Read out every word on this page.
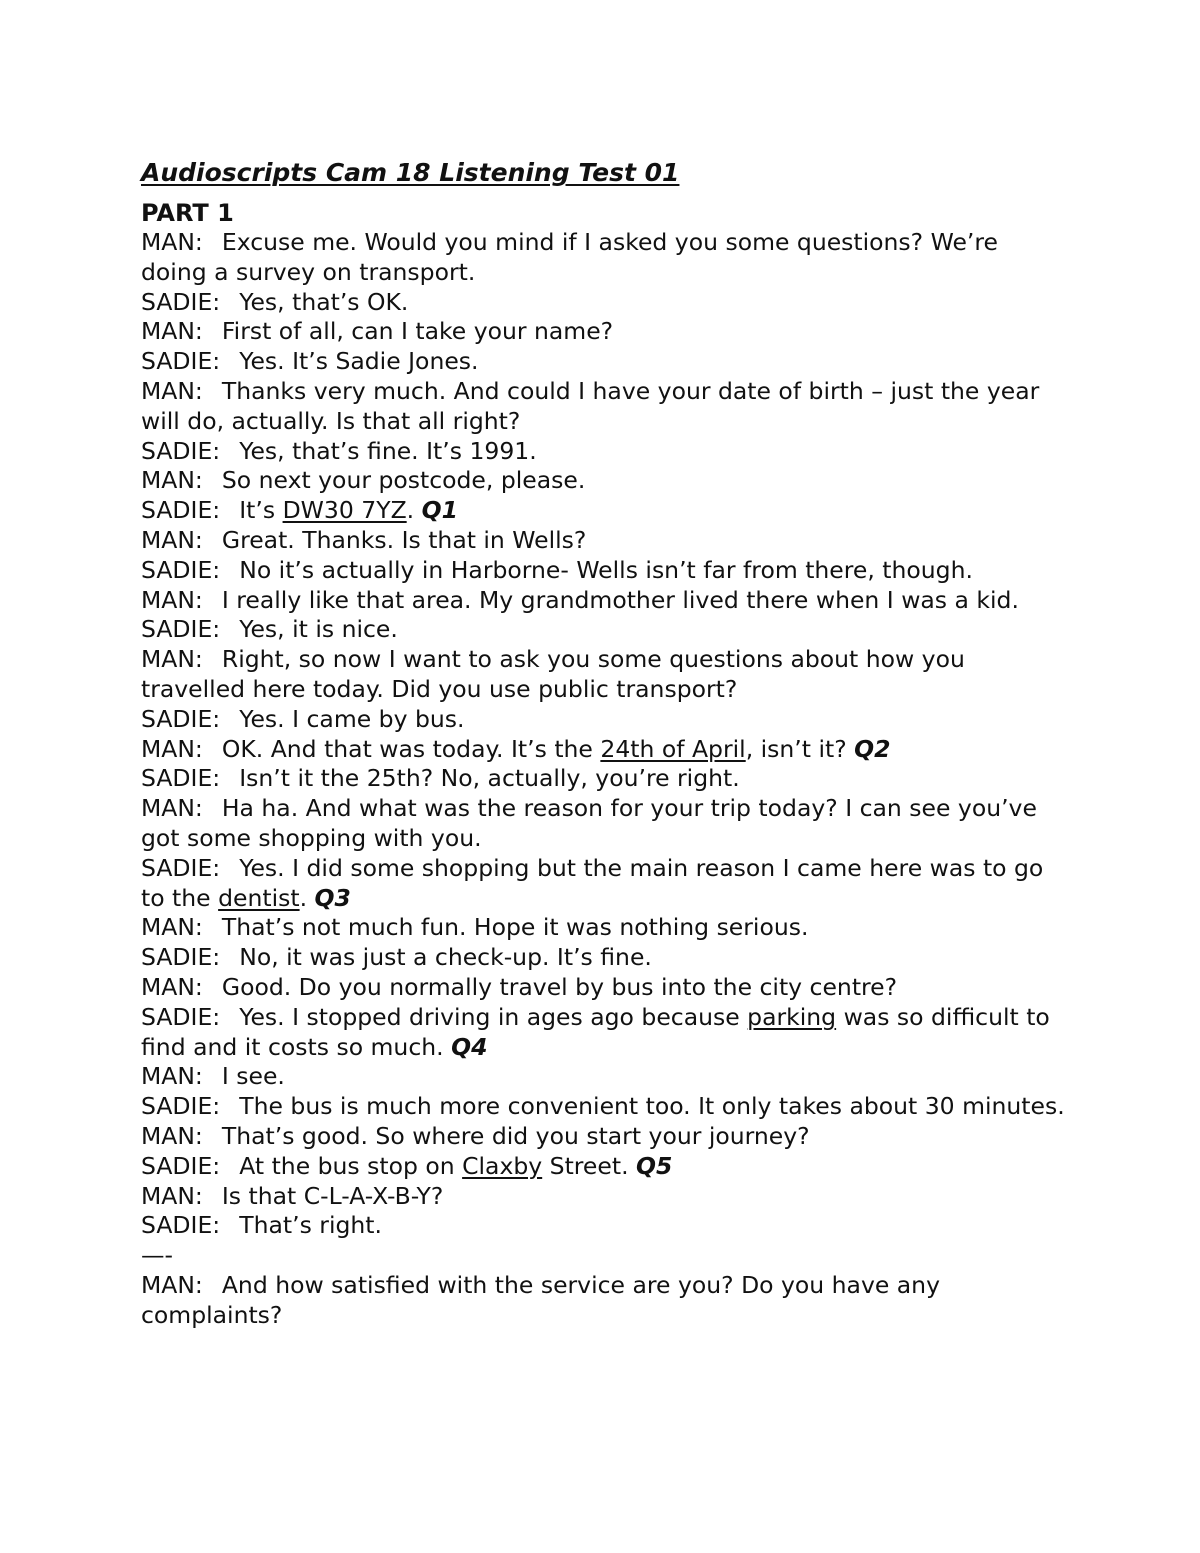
Audioscripts Cam 18 Listening Test 01
PART 1
MAN: Excuse me. Would you mind if I asked you some questions? We’re doing a survey on transport.
SADIE: Yes, that’s OK.
MAN: First of all, can I take your name?
SADIE: Yes. It’s Sadie Jones.
MAN: Thanks very much. And could I have your date of birth – just the year will do, actually. Is that all right?
SADIE: Yes, that’s fine. It’s 1991.
MAN: So next your postcode, please.
SADIE: It’s DW30 7YZ. Q1
MAN: Great. Thanks. Is that in Wells?
SADIE: No it’s actually in Harborne- Wells isn’t far from there, though.
MAN: I really like that area. My grandmother lived there when I was a kid.
SADIE: Yes, it is nice.
MAN: Right, so now I want to ask you some questions about how you travelled here today. Did you use public transport?
SADIE: Yes. I came by bus.
MAN: OK. And that was today. It’s the 24th of April, isn’t it? Q2
SADIE: Isn’t it the 25th? No, actually, you’re right.
MAN: Ha ha. And what was the reason for your trip today? I can see you’ve got some shopping with you.
SADIE: Yes. I did some shopping but the main reason I came here was to go to the dentist. Q3
MAN: That’s not much fun. Hope it was nothing serious.
SADIE: No, it was just a check-up. It’s fine.
MAN: Good. Do you normally travel by bus into the city centre?
SADIE: Yes. I stopped driving in ages ago because parking was so difficult to find and it costs so much. Q4
MAN: I see.
SADIE: The bus is much more convenient too. It only takes about 30 minutes.
MAN: That’s good. So where did you start your journey?
SADIE: At the bus stop on Claxby Street. Q5
MAN: Is that C-L-A-X-B-Y?
SADIE: That’s right.
—-
MAN: And how satisfied with the service are you? Do you have any complaints?
